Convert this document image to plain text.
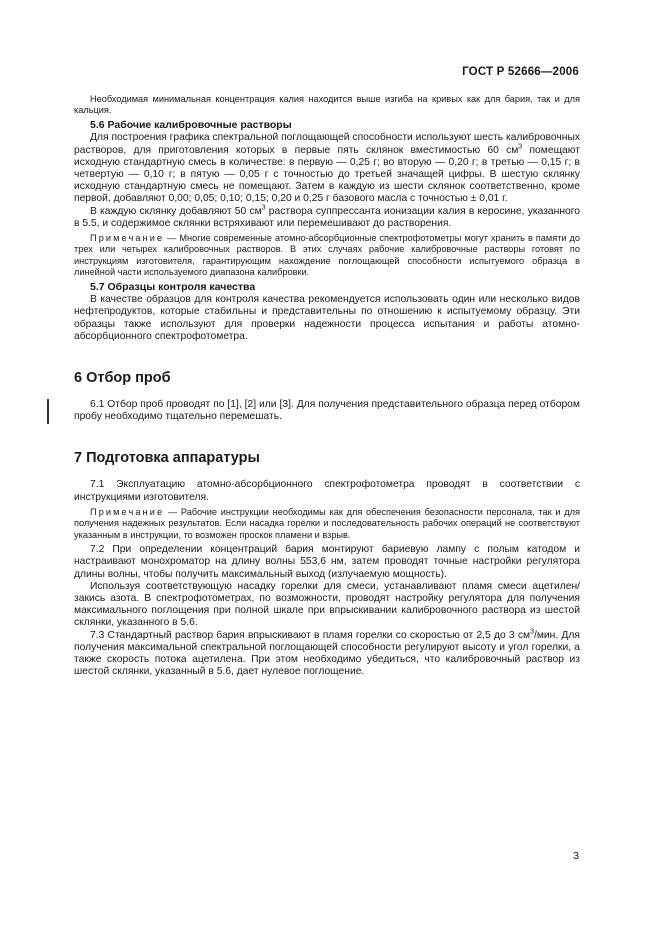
ГОСТ Р 52666—2006

Необходимая минимальная концентрация калия находится выше изгиба на кривых как для бария, так и для кальция.

5.6 Рабочие калибровочные растворы

Для построения графика спектральной поглощающей способности используют шесть калибровочных растворов, для приготовления которых в первые пять склянок вместимостью 60 $см^3$ помещают исходную стандартную смесь в количестве: в первую — 0,25 г; во вторую — 0,20 г; в третью — 0,15 г; в четвертую — 0,10 г; в пятую — 0,05 г с точностью до третьей значащей цифры. В шестую склянку исходную стандартную смесь не помещают. Затем в каждую из шести склянок соответственно, кроме первой, добавляют 0,00; 0,05; 0,10; 0,15; 0,20 и 0,25 г базового масла с точностью ± 0,01 г.

В каждую склянку добавляют 50 $см^3$ раствора суппрессанта ионизации калия в керосине, указанного в 5.5, и содержимое склянки встряхивают или перемешивают до растворения.

Примечание — Многие современные атомно-абсорбционные спектрофотометры могут хранить в памяти до трех или четырех калибровочных растворов. В этих случаях рабочие калибровочные растворы готовят по инструкциям изготовителя, гарантирующим нахождение поглощающей способности испытуемого образца в линейной части используемого диапазона калибровки.

5.7 Образцы контроля качества

В качестве образцов для контроля качества рекомендуется использовать один или несколько видов нефтепродуктов, которые стабильны и представительны по отношению к испытуемому образцу. Эти образцы также используют для проверки надежности процесса испытания и работы атомно-абсорбционного спектрофотометра.

6 Отбор проб

6.1 Отбор проб проводят по [1], [2] или [3]. Для получения представительного образца перед отбором пробу необходимо тщательно перемешать.

7 Подготовка аппаратуры

7.1 Эксплуатацию атомно-абсорбционного спектрофотометра проводят в соответствии с инструкциями изготовителя.

Примечание — Рабочие инструкции необходимы как для обеспечения безопасности персонала, так и для получения надежных результатов. Если насадка горелки и последовательность рабочих операций не соответствуют указанным в инструкции, то возможен проскок пламени и взрыв.

7.2 При определении концентраций бария монтируют бариевую лампу с полым катодом и настраивают монохроматор на длину волны 553,6 нм, затем проводят точные настройки регулятора длины волны, чтобы получить максимальный выход (излучаемую мощность).

Используя соответствующую насадку горелки для смеси, устанавливают пламя смеси ацетилен/закись азота. В спектрофотометрах, по возможности, проводят настройку регулятора для получения максимального поглощения при полной шкале при впрыскивании калибровочного раствора из шестой склянки, указанного в 5.6.

7.3 Стандартный раствор бария впрыскивают в пламя горелки со скоростью от 2,5 до 3 $см^3$/мин. Для получения максимальной спектральной поглощающей способности регулируют высоту и угол горелки, а также скорость потока ацетилена. При этом необходимо убедиться, что калибровочный раствор из шестой склянки, указанный в 5.6, дает нулевое поглощение.

3
